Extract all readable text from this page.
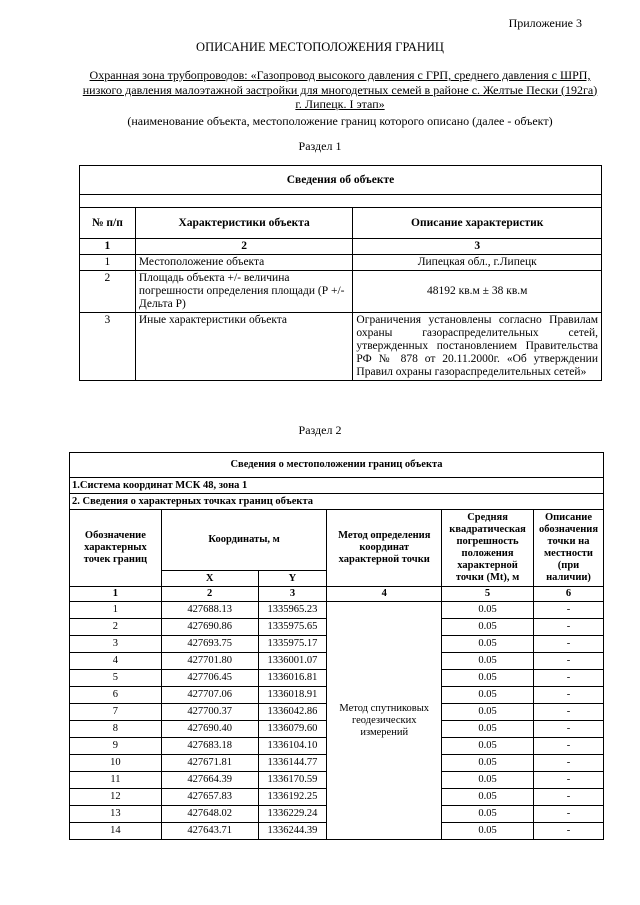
Приложение 3
ОПИСАНИЕ МЕСТОПОЛОЖЕНИЯ ГРАНИЦ
Охранная зона трубопроводов: «Газопровод высокого давления с ГРП, среднего давления с ШРП, низкого давления малоэтажной застройки для многодетных семей в районе с. Желтые Пески (192га) г. Липецк. I этап»
(наименование объекта, местоположение границ которого описано (далее - объект)
Раздел 1
Сведения об объекте		

№ п/п	Характеристики объекта	Описание характеристик
1	2	3
1	Местоположение объекта	Липецкая обл., г.Липецк
2	Площадь объекта +/- величина погрешности определения площади (Р +/- Дельта Р)	48192 кв.м ± 38 кв.м
3	Иные характеристики объекта	Ограничения установлены согласно Правилам охраны газораспределительных сетей, утвержденных постановлением Правительства РФ № 878 от 20.11.2000г. «Об утверждении Правил охраны газораспределительных сетей»
Раздел 2
Сведения о местоположении границ объекта					
1.Система координат МСК 48, зона 1					
2. Сведения о характерных точках границ объекта					
Обозначение характерных точек границ	Координаты, м		Метод определения координат характерной точки	Средняя квадратическая погрешность положения характерной точки (Mt), м	Описание обозначения точки на местности (при наличии)
	X	Y			
1	2	3	4	5	6
1	427688.13	1335965.23	Метод спутниковых геодезических измерений	0.05	-
2	427690.86	1335975.65		0.05	-
3	427693.75	1335975.17		0.05	-
4	427701.80	1336001.07		0.05	-
5	427706.45	1336016.81		0.05	-
6	427707.06	1336018.91		0.05	-
7	427700.37	1336042.86		0.05	-
8	427690.40	1336079.60		0.05	-
9	427683.18	1336104.10		0.05	-
10	427671.81	1336144.77		0.05	-
11	427664.39	1336170.59		0.05	-
12	427657.83	1336192.25		0.05	-
13	427648.02	1336229.24		0.05	-
14	427643.71	1336244.39		0.05	-
